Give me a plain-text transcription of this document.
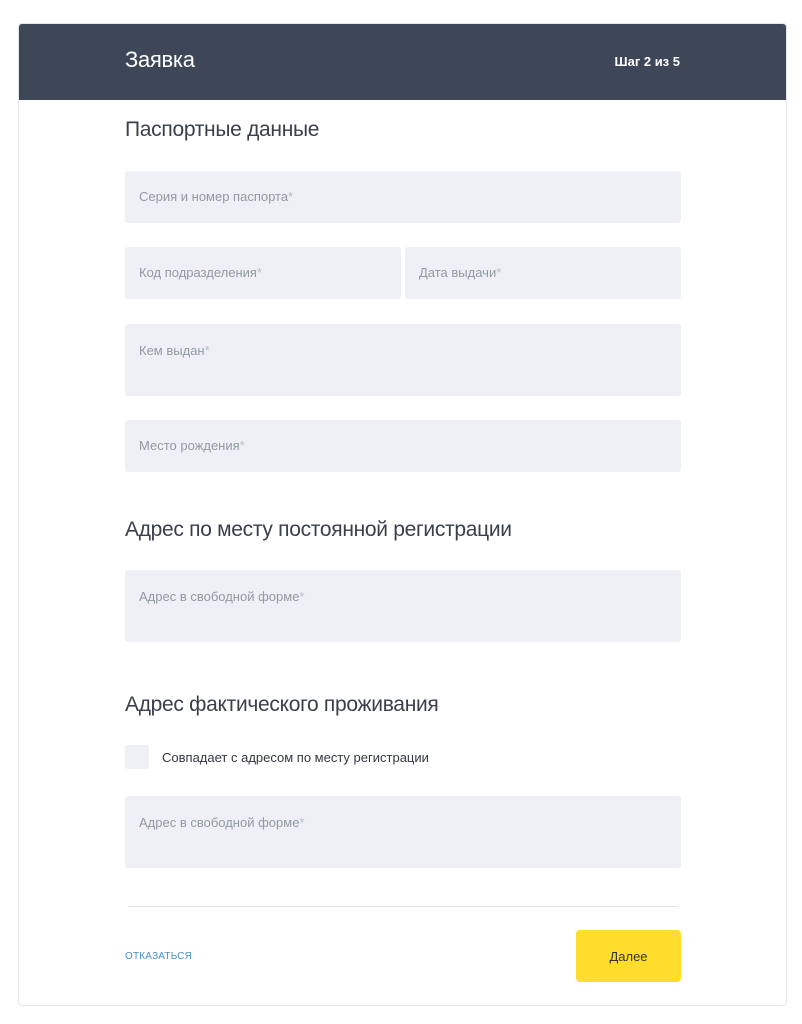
Заявка	Шаг 2 из 5
Паспортные данные
Серия и номер паспорта*
Код подразделения*	Дата выдачи*
Кем выдан*
Место рождения*
Адрес по месту постоянной регистрации
Адрес в свободной форме*
Адрес фактического проживания
Совпадает с адресом по месту регистрации
Адрес в свободной форме*
ОТКАЗАТЬСЯ	Далее
